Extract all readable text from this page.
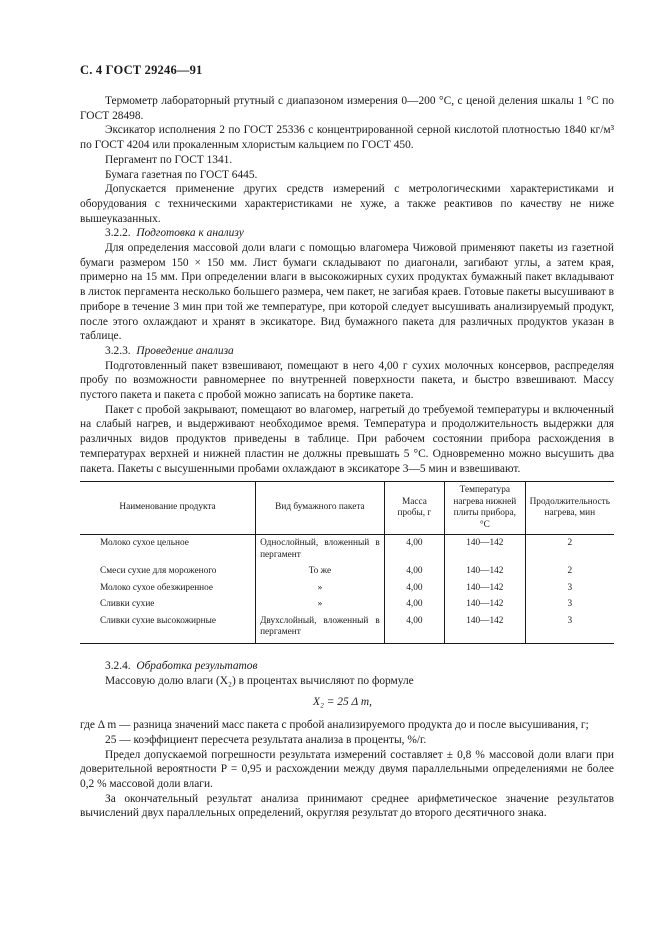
С. 4 ГОСТ 29246—91

Термометр лабораторный ртутный с диапазоном измерения 0—200 °С, с ценой деления шкалы 1 °С по ГОСТ 28498.

Эксикатор исполнения 2 по ГОСТ 25336 с концентрированной серной кислотой плотностью 1840 кг/м³ по ГОСТ 4204 или прокаленным хлористым кальцием по ГОСТ 450.

Пергамент по ГОСТ 1341.

Бумага газетная по ГОСТ 6445.

Допускается применение других средств измерений с метрологическими характеристиками и оборудования с техническими характеристиками не хуже, а также реактивов по качеству не ниже вышеуказанных.

3.2.2. Подготовка к анализу

Для определения массовой доли влаги с помощью влагомера Чижовой применяют пакеты из газетной бумаги размером 150 × 150 мм. Лист бумаги складывают по диагонали, загибают углы, а затем края, примерно на 15 мм. При определении влаги в высокожирных сухих продуктах бумажный пакет вкладывают в листок пергамента несколько большего размера, чем пакет, не загибая краев. Готовые пакеты высушивают в приборе в течение 3 мин при той же температуре, при которой следует высушивать анализируемый продукт, после этого охлаждают и хранят в эксикаторе. Вид бумажного пакета для различных продуктов указан в таблице.

3.2.3. Проведение анализа

Подготовленный пакет взвешивают, помещают в него 4,00 г сухих молочных консервов, распределяя пробу по возможности равномернее по внутренней поверхности пакета, и быстро взвешивают. Массу пустого пакета и пакета с пробой можно записать на бортике пакета.

Пакет с пробой закрывают, помещают во влагомер, нагретый до требуемой температуры и включенный на слабый нагрев, и выдерживают необходимое время. Температура и продолжительность выдержки для различных видов продуктов приведены в таблице. При рабочем состоянии прибора расхождения в температурах верхней и нижней пластин не должны превышать 5 °С. Одновременно можно высушить два пакета. Пакеты с высушенными пробами охлаждают в эксикаторе 3—5 мин и взвешивают.

Наименование продукта	Вид бумажного пакета	Масса пробы, г	Температура нагрева нижней плиты прибора, °С	Продолжительность нагрева, мин
Молоко сухое цельное	Однослойный, вложенный в пергамент	4,00	140—142	2
Смеси сухие для мороженого	То же	4,00	140—142	2
Молоко сухое обезжиренное	»	4,00	140—142	3
Сливки сухие	»	4,00	140—142	3
Сливки сухие высокожирные	Двухслойный, вложенный в пергамент	4,00	140—142	3

3.2.4. Обработка результатов

Массовую долю влаги (X₂) в процентах вычисляют по формуле

X₂ = 25 Δ m,

где Δ m — разница значений масс пакета с пробой анализируемого продукта до и после высушивания, г;

25 — коэффициент пересчета результата анализа в проценты, %/г.

Предел допускаемой погрешности результата измерений составляет ± 0,8 % массовой доли влаги при доверительной вероятности P = 0,95 и расхождении между двумя параллельными определениями не более 0,2 % массовой доли влаги.

За окончательный результат анализа принимают среднее арифметическое значение результатов вычислений двух параллельных определений, округляя результат до второго десятичного знака.
